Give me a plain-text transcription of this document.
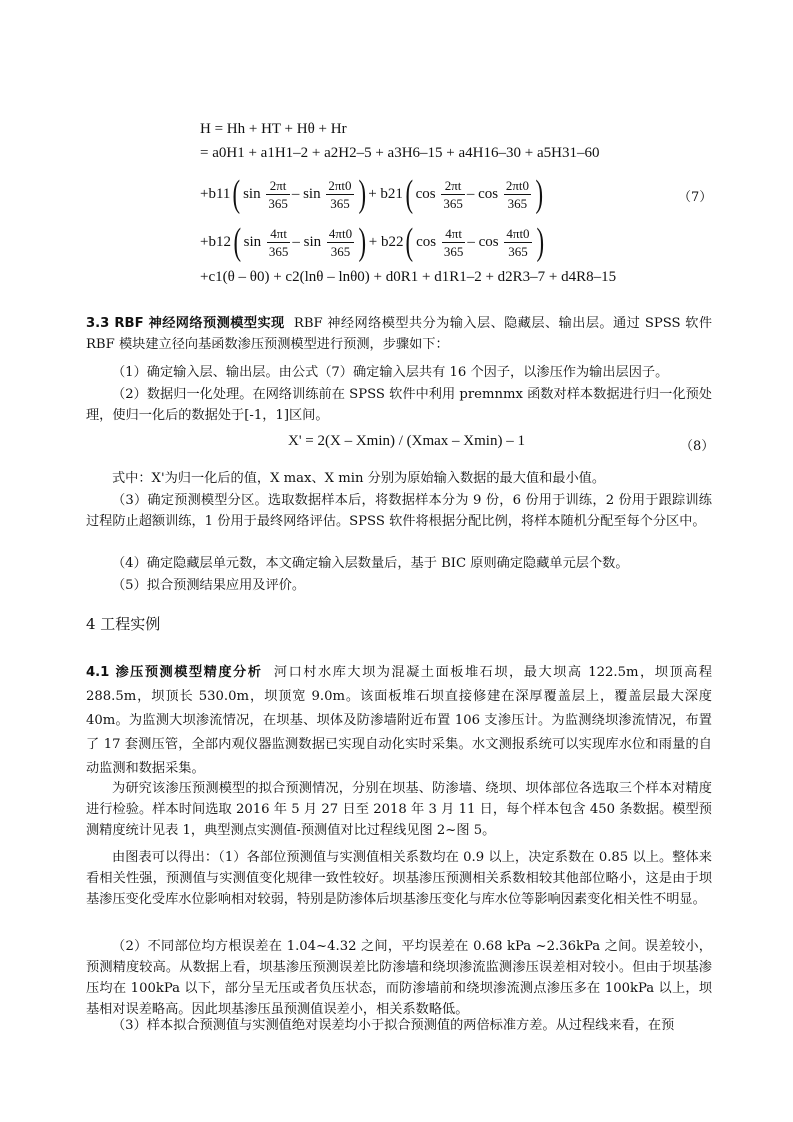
H = Hh + HT + Hθ + Hr
= a0H1 + a1H1–2 + a2H2–5 + a3H6–15 + a4H16–30 + a5H31–60
+b11 ( sin
$\frac{2\pi t}{365}$ –
sin
$\frac{2\pi t0}{365}$ ) + b21 ( cos
$\frac{2\pi t}{365}$ –
cos
$\frac{2\pi t0}{365}$ )	（7）
+b12 ( sin
$\frac{4\pi t}{365}$ –
sin
$\frac{4\pi t0}{365}$ ) + b22 ( cos
$\frac{4\pi t}{365}$ –
cos
$\frac{4\pi t0}{365}$ )
+c1(θ – θ0) + c2(lnθ – lnθ0) + d0R1 + d1R1–2 + d2R3–7 + d4R8–15
3.3 RBF 神经网络预测模型实现 RBF 神经网络模型共分为输入层、隐藏层、输出层。通过 SPSS 软件 RBF 模块建立径向基函数渗压预测模型进行预测，步骤如下：
（1）确定输入层、输出层。由公式（7）确定输入层共有 16 个因子，以渗压作为输出层因子。
（2）数据归一化处理。在网络训练前在 SPSS 软件中利用 premnmx 函数对样本数据进行归一化预处理，使归一化后的数据处于[-1，1]区间。
X' = 2(X – Xmin) / (Xmax – Xmin) – 1	（8）
式中：X'为归一化后的值，X max、X min 分别为原始输入数据的最大值和最小值。
（3）确定预测模型分区。选取数据样本后，将数据样本分为 9 份，6 份用于训练，2 份用于跟踪训练过程防止超额训练，1 份用于最终网络评估。SPSS 软件将根据分配比例，将样本随机分配至每个分区中。
（4）确定隐藏层单元数，本文确定输入层数量后，基于 BIC 原则确定隐藏单元层个数。
（5）拟合预测结果应用及评价。
4 工程实例
4.1 渗压预测模型精度分析 河口村水库大坝为混凝土面板堆石坝，最大坝高 122.5m，坝顶高程 288.5m，坝顶长 530.0m，坝顶宽 9.0m。该面板堆石坝直接修建在深厚覆盖层上，覆盖层最大深度 40m。为监测大坝渗流情况，在坝基、坝体及防渗墙附近布置 106 支渗压计。为监测绕坝渗流情况，布置了 17 套测压管，全部内观仪器监测数据已实现自动化实时采集。水文测报系统可以实现库水位和雨量的自动监测和数据采集。
为研究该渗压预测模型的拟合预测情况，分别在坝基、防渗墙、绕坝、坝体部位各选取三个样本对精度进行检验。样本时间选取 2016 年 5 月 27 日至 2018 年 3 月 11 日，每个样本包含 450 条数据。模型预测精度统计见表 1，典型测点实测值-预测值对比过程线见图 2~图 5。
由图表可以得出：（1）各部位预测值与实测值相关系数均在 0.9 以上，决定系数在 0.85 以上。整体来看相关性强，预测值与实测值变化规律一致性较好。坝基渗压预测相关系数相较其他部位略小，这是由于坝基渗压变化受库水位影响相对较弱，特别是防渗体后坝基渗压变化与库水位等影响因素变化相关性不明显。
（2）不同部位均方根误差在 1.04~4.32 之间，平均误差在 0.68 kPa ~2.36kPa 之间。误差较小，预测精度较高。从数据上看，坝基渗压预测误差比防渗墙和绕坝渗流监测渗压误差相对较小。但由于坝基渗压均在 100kPa 以下，部分呈无压或者负压状态，而防渗墙前和绕坝渗流测点渗压多在 100kPa 以上，坝基相对误差略高。因此坝基渗压虽预测值误差小，相关系数略低。
（3）样本拟合预测值与实测值绝对误差均小于拟合预测值的两倍标准方差。从过程线来看，在预
